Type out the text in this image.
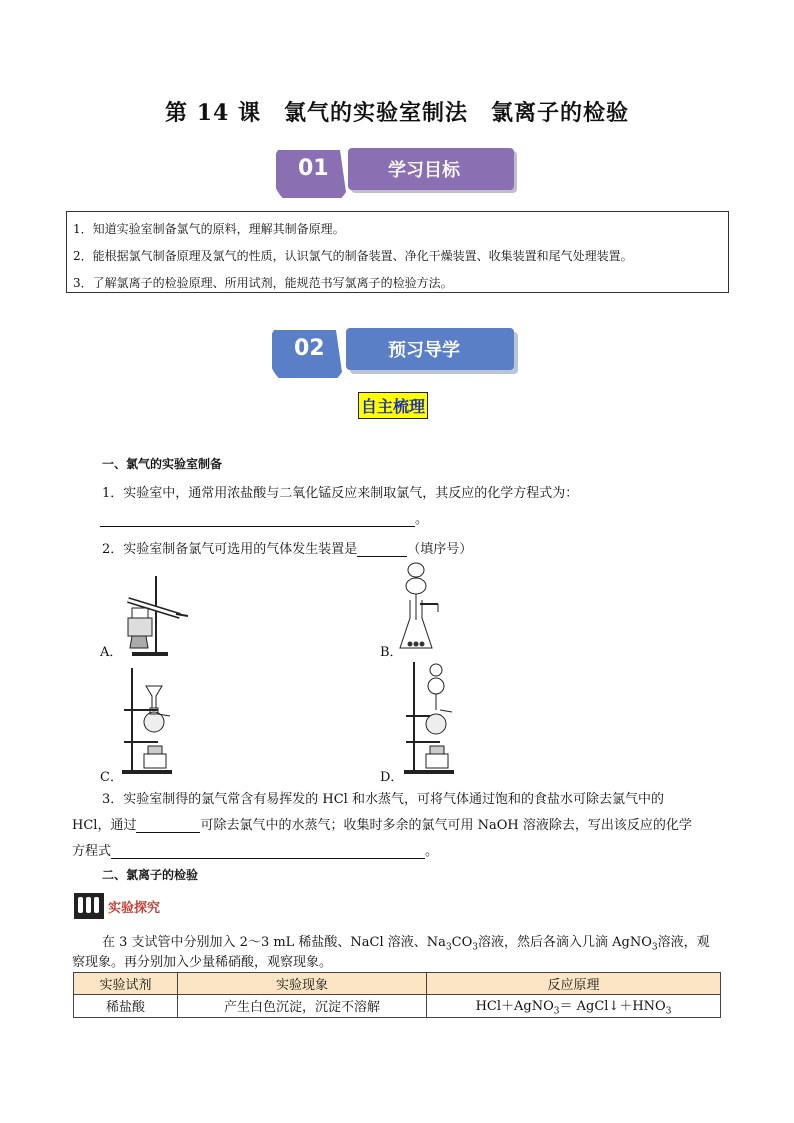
第 14 课　氯气的实验室制法　氯离子的检验
01	学习目标
1．知道实验室制备氯气的原料，理解其制备原理。
2．能根据氯气制备原理及氯气的性质，认识氯气的制备装置、净化干燥装置、收集装置和尾气处理装置。
3．了解氯离子的检验原理、所用试剂，能规范书写氯离子的检验方法。
02	预习导学
自主梳理
一、氯气的实验室制备
1．实验室中，通常用浓盐酸与二氧化锰反应来制取氯气，其反应的化学方程式为：
。
2．实验室制备氯气可选用的气体发生装置是	（填序号）
A．	B．
C．	D．
3．实验室制得的氯气常含有易挥发的 HCl 和水蒸气，可将气体通过饱和的食盐水可除去氯气中的
HCl，通过	可除去氯气中的水蒸气；收集时多余的氯气可用 NaOH 溶液除去，写出该反应的化学
方程式	。
二、氯离子的检验
实验探究
在 3 支试管中分别加入 2～3 mL 稀盐酸、NaCl 溶液、$Na_3CO_3$溶液，然后各滴入几滴 AgNO$_3$溶液，观
察现象。再分别加入少量稀硝酸，观察现象。
实验试剂	实验现象	反应原理
稀盐酸	产生白色沉淀，沉淀不溶解	HCl＋AgNO$_3$＝ $AgCl↓+HNO_3$
